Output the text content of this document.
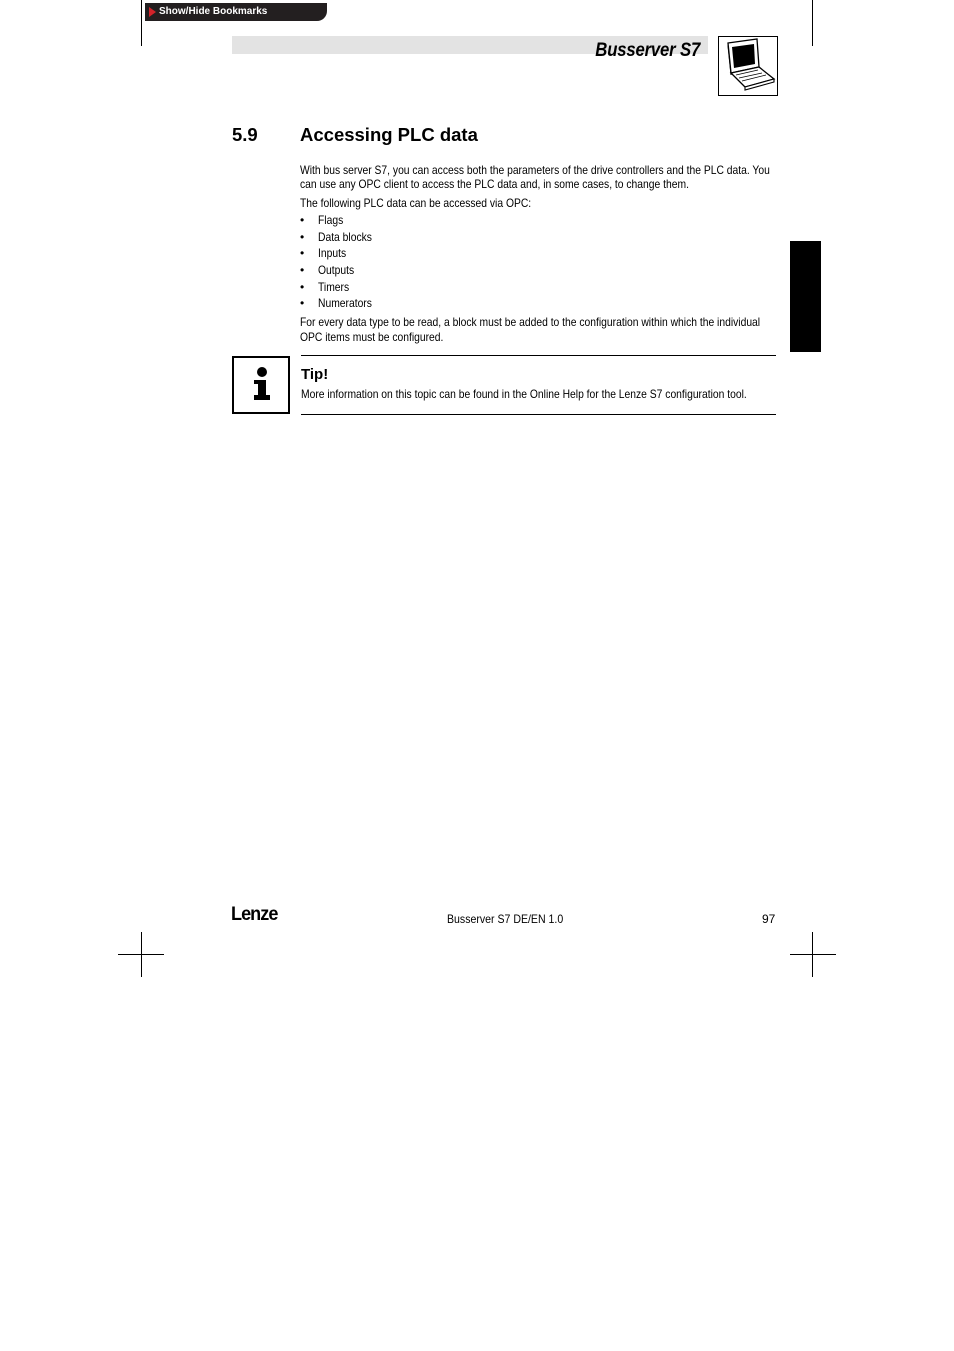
Show/Hide Bookmarks
Busserver S7
5.9 Accessing PLC data
With bus server S7, you can access both the parameters of the drive controllers and the PLC data. You
can use any OPC client to access the PLC data and, in some cases, to change them.
The following PLC data can be accessed via OPC:
• Flags
• Data blocks
• Inputs
• Outputs
• Timers
• Numerators
For every data type to be read, a block must be added to the configuration within which the individual
OPC items must be configured.
Tip!
More information on this topic can be found in the Online Help for the Lenze S7 configuration tool.
Lenze	Busserver S7 DE/EN 1.0	97
